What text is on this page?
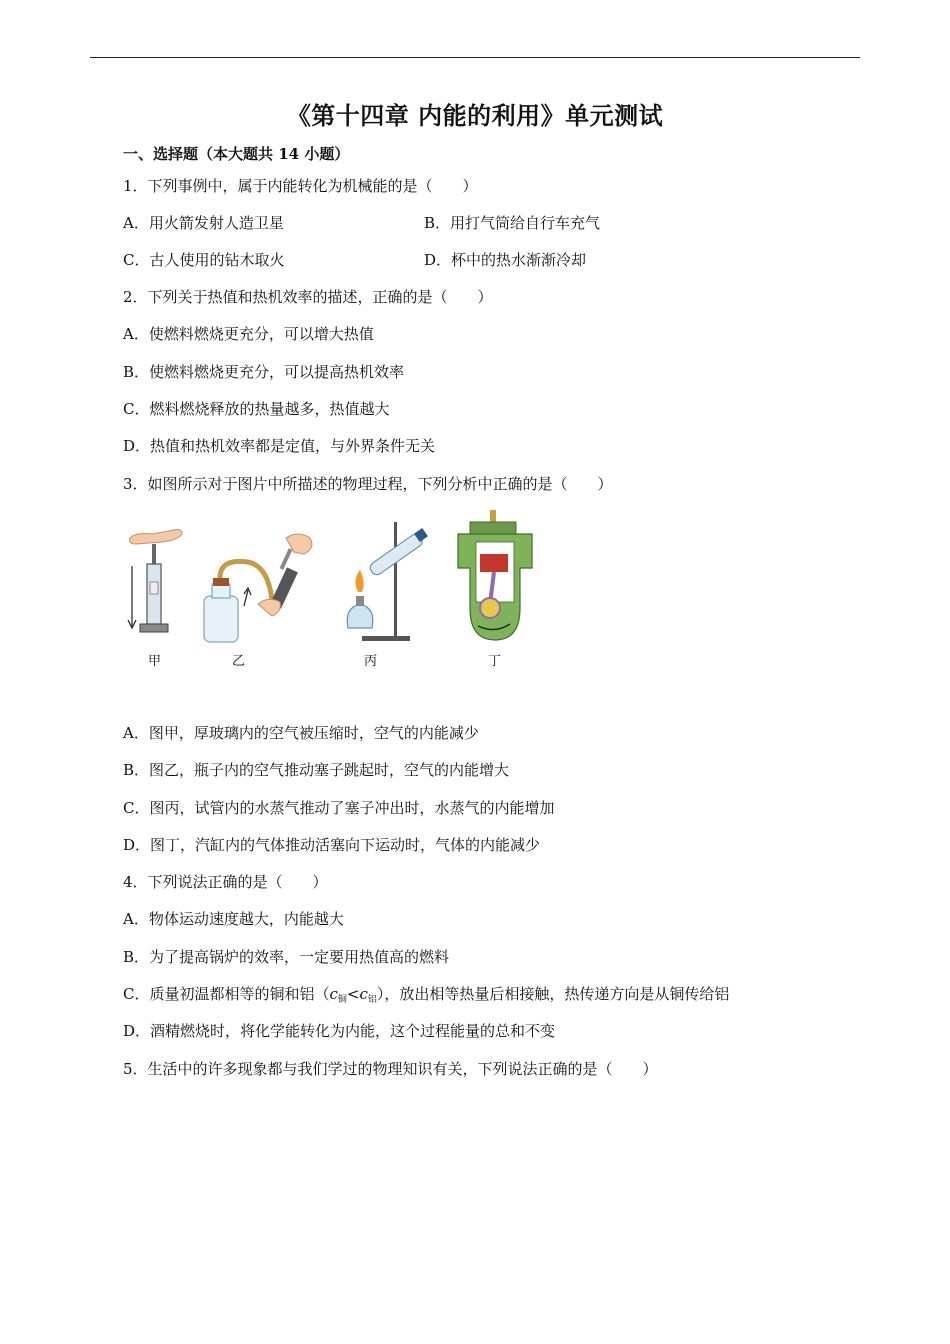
《第十四章 内能的利用》单元测试
一、选择题（本大题共 14 小题）
1．下列事例中，属于内能转化为机械能的是（　　）
A．用火箭发射人造卫星	B．用打气筒给自行车充气
C．古人使用的钻木取火	D．杯中的热水渐渐冷却
2．下列关于热值和热机效率的描述，正确的是（　　）
A．使燃料燃烧更充分，可以增大热值
B．使燃料燃烧更充分，可以提高热机效率
C．燃料燃烧释放的热量越多，热值越大
D．热值和热机效率都是定值，与外界条件无关
3．如图所示对于图片中所描述的物理过程，下列分析中正确的是（　　）
甲	乙	丙	丁
A．图甲，厚玻璃内的空气被压缩时，空气的内能减少
B．图乙，瓶子内的空气推动塞子跳起时，空气的内能增大
C．图丙，试管内的水蒸气推动了塞子冲出时，水蒸气的内能增加
D．图丁，汽缸内的气体推动活塞向下运动时，气体的内能减少
4．下列说法正确的是（　　）
A．物体运动速度越大，内能越大
B．为了提高锅炉的效率，一定要用热值高的燃料
C．质量初温都相等的铜和铝$(c_铜<c_铝)$，放出相等热量后相接触，热传递方向是从铜传给铝
D．酒精燃烧时，将化学能转化为内能，这个过程能量的总和不变
5．生活中的许多现象都与我们学过的物理知识有关，下列说法正确的是（　　）
